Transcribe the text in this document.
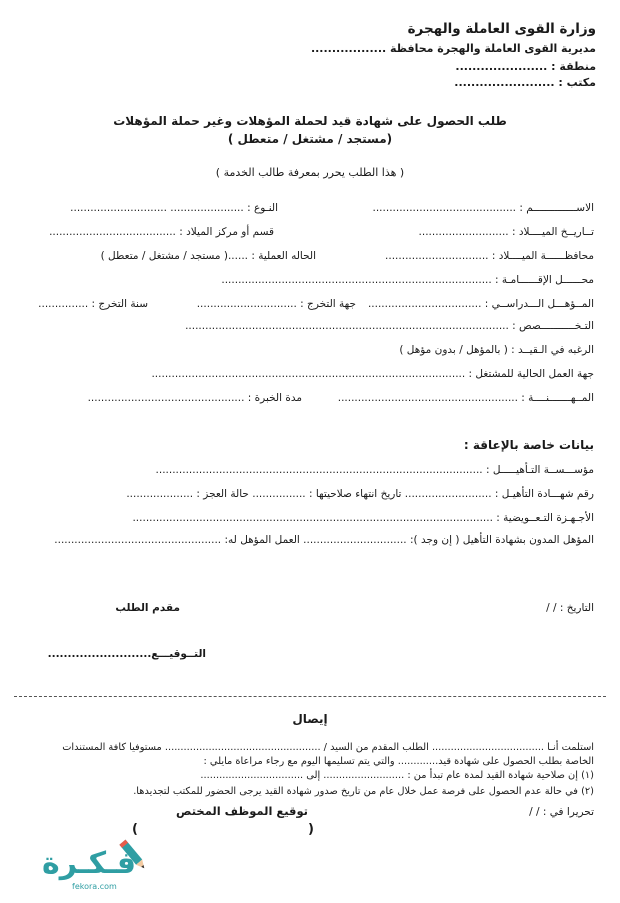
وزارة القوى العاملة والهجرة
مديرية القوى العاملة والهجرة محافظة ..................
منطقة : ......................
مكتب : ........................
طلب الحصول على شهادة قيد لحملة المؤهلات وغير حملة المؤهلات
(مستجد / مشتغل / متعطل )
( هذا الطلب يحرر بمعرفة طالب الخدمة )
الاســــــــــــــم : ...........................................
النـوع : ...................... .............................
تــاريــخ الميــــلاد : ...........................
قسم أو مركز الميلاد : ......................................
محافظــــــة الميــــلاد : ...............................
الحاله العملية : ......( مستجد / مشتغل / متعطل )
محــــــل الإقــــــامـة : .................................................................................
المــؤهـــل الـــدراســي : ..................................
جهة التخرج : ..............................
سنة التخرج : ...............
التـخـــــــــــصص : .................................................................................................
الرغبه في الـقيــد : ( بالمؤهل / بدون مؤهل )
جهة العمل الحالية للمشتغل : ..............................................................................................
المــهـــــــنــــة : ......................................................
مدة الخبرة : ...............................................
بيانات خاصة بالإعاقة :
مؤســـســة التـأهيـــــل : ..................................................................................................
رقم شهـــادة التأهيـل : .......................... تاريخ انتهاء صلاحيتها : ................ حالة العجز : ....................
الأجـهـزة التـعــويضية : ............................................................................................................
المؤهل المدون بشهادة التأهيل ( إن وجد ): ............................... العمل المؤهل له: ..................................................
التاريخ : / /
مقدم الطلب
التــوقيـــع..........................
إيصال
استلمت أنـا .................................... الطلب المقدم من السيد / .................................................. مستوفيا كافة المستندات
الخاصة بطلب الحصول على شهادة قيد............. والتي يتم تسليمها اليوم مع رجاء مراعاة مايلي :
(١) إن صلاحية شهادة القيد لمدة عام تبدأ من : .......................... إلى .................................
(٢) في حالة عدم الحصول على فرصة عمل خلال عام من تاريخ صدور شهادة القيد يرجى الحضور للمكتب لتجديدها.
تحريرا في : / /
توقيع الموظف المختص
(
)
فـكـرة
fekora.com
